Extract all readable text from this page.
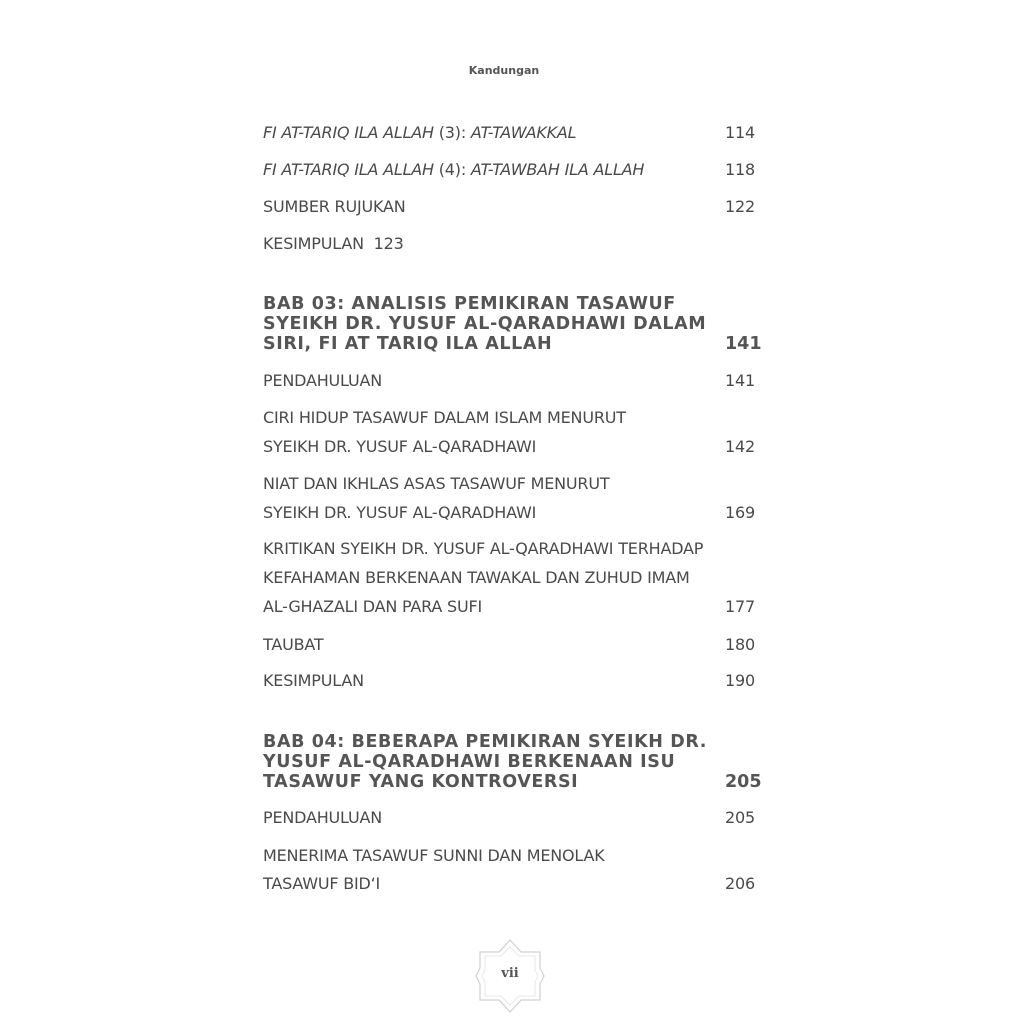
Kandungan
FI AT-TARIQ ILA ALLAH (3): AT-TAWAKKAL	114
FI AT-TARIQ ILA ALLAH (4): AT-TAWBAH ILA ALLAH	118
SUMBER RUJUKAN	122
KESIMPULAN  123
BAB 03: ANALISIS PEMIKIRAN TASAWUF
SYEIKH DR. YUSUF AL-QARADHAWI DALAM
SIRI, FI AT TARIQ ILA ALLAH	141
PENDAHULUAN	141
CIRI HIDUP TASAWUF DALAM ISLAM MENURUT
SYEIKH DR. YUSUF AL-QARADHAWI	142
NIAT DAN IKHLAS ASAS TASAWUF MENURUT
SYEIKH DR. YUSUF AL-QARADHAWI	169
KRITIKAN SYEIKH DR. YUSUF AL-QARADHAWI TERHADAP
KEFAHAMAN BERKENAAN TAWAKAL DAN ZUHUD IMAM
AL-GHAZALI DAN PARA SUFI	177
TAUBAT	180
KESIMPULAN	190
BAB 04: BEBERAPA PEMIKIRAN SYEIKH DR.
YUSUF AL-QARADHAWI BERKENAAN ISU
TASAWUF YANG KONTROVERSI	205
PENDAHULUAN	205
MENERIMA TASAWUF SUNNI DAN MENOLAK
TASAWUF BID‘I	206
vii
